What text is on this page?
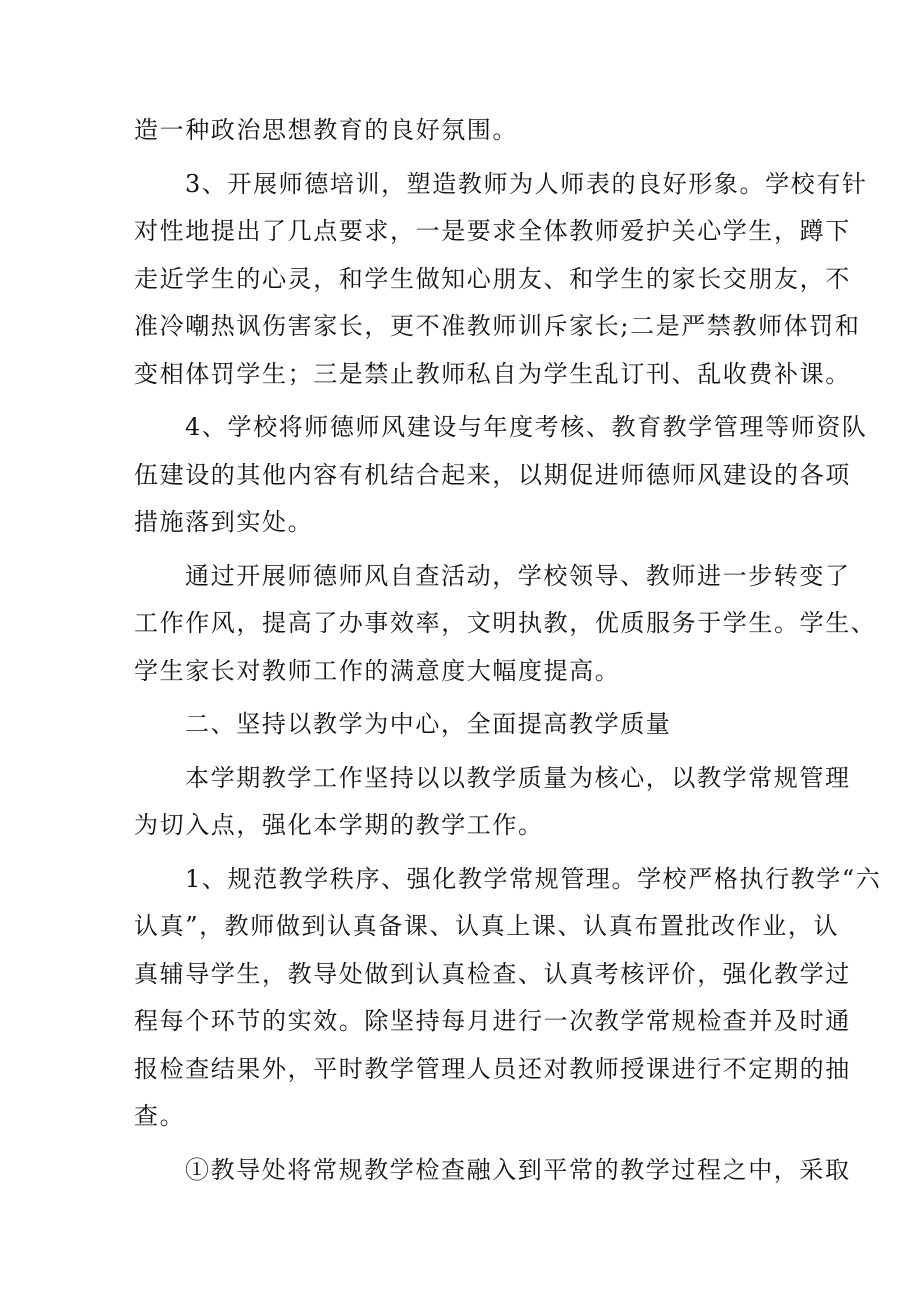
造一种政治思想教育的良好氛围。

3、开展师德培训，塑造教师为人师表的良好形象。学校有针
对性地提出了几点要求，一是要求全体教师爱护关心学生，蹲下
走近学生的心灵，和学生做知心朋友、和学生的家长交朋友，不
准冷嘲热讽伤害家长，更不准教师训斥家长;二是严禁教师体罚和
变相体罚学生；三是禁止教师私自为学生乱订刊、乱收费补课。

4、学校将师德师风建设与年度考核、教育教学管理等师资队
伍建设的其他内容有机结合起来，以期促进师德师风建设的各项
措施落到实处。

通过开展师德师风自查活动，学校领导、教师进一步转变了
工作作风，提高了办事效率，文明执教，优质服务于学生。学生、
学生家长对教师工作的满意度大幅度提高。

二、坚持以教学为中心，全面提高教学质量

本学期教学工作坚持以以教学质量为核心，以教学常规管理
为切入点，强化本学期的教学工作。

1、规范教学秩序、强化教学常规管理。学校严格执行教学“六
认真”，教师做到认真备课、认真上课、认真布置批改作业，认
真辅导学生，教导处做到认真检查、认真考核评价，强化教学过
程每个环节的实效。除坚持每月进行一次教学常规检查并及时通
报检查结果外，平时教学管理人员还对教师授课进行不定期的抽
查。

①教导处将常规教学检查融入到平常的教学过程之中，采取
